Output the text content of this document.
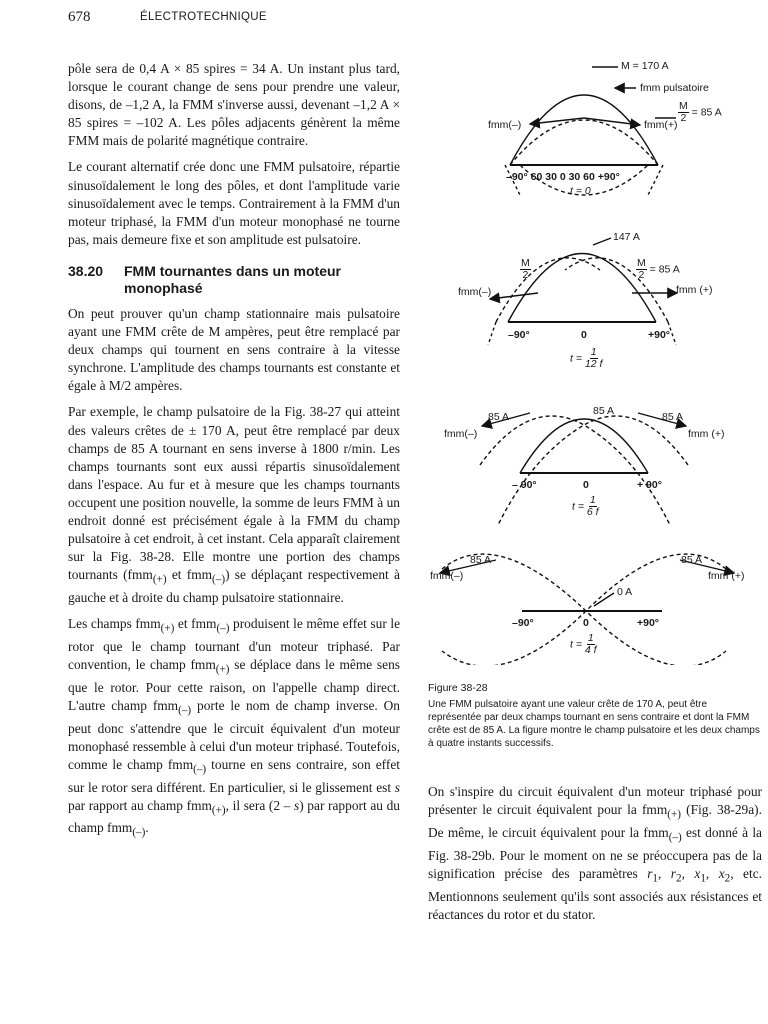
678	ÉLECTROTECHNIQUE

pôle sera de 0,4 A × 85 spires = 34 A. Un instant plus tard, lorsque le courant change de sens pour prendre une valeur, disons, de –1,2 A, la FMM s'inverse aussi, devenant –1,2 A × 85 spires = –102 A. Les pôles adjacents génèrent la même FMM mais de polarité magnétique contraire.

Le courant alternatif crée donc une FMM pulsatoire, répartie sinusoïdalement le long des pôles, et dont l'amplitude varie sinusoïdalement avec le temps. Contrairement à la FMM d'un moteur triphasé, la FMM d'un moteur monophasé ne tourne pas, mais demeure fixe et son amplitude est pulsatoire.

38.20	FMM tournantes dans un moteur monophasé

On peut prouver qu'un champ stationnaire mais pulsatoire ayant une FMM crête de M ampères, peut être remplacé par deux champs qui tournent en sens contraire à la vitesse synchrone. L'amplitude des champs tournants est constante et égale à M/2 ampères.

Par exemple, le champ pulsatoire de la Fig. 38-27 qui atteint des valeurs crêtes de ± 170 A, peut être remplacé par deux champs de 85 A tournant en sens inverse à 1800 r/min. Les champs tournants sont eux aussi répartis sinusoïdalement dans l'espace. Au fur et à mesure que les champs tournants occupent une position nouvelle, la somme de leurs FMM à un endroit donné est précisément égale à la FMM du champ pulsatoire à cet endroit, à cet instant. Cela apparaît clairement sur la Fig. 38-28. Elle montre une portion des champs tournants (fmm$_{(+)}$ et fmm$_{(-)}$) se déplaçant respectivement à gauche et à droite du champ pulsatoire stationnaire.

Les champs fmm$_{(+)}$ et fmm$_{(-)}$ produisent le même effet sur le rotor que le champ tournant d'un moteur triphasé. Par convention, le champ fmm$_{(+)}$ se déplace dans le même sens que le rotor. Pour cette raison, on l'appelle champ direct. L'autre champ fmm$_{(-)}$ porte le nom de champ inverse. On peut donc s'attendre que le circuit équivalent d'un moteur monophasé ressemble à celui d'un moteur triphasé. Toutefois, comme le champ fmm$_{(-)}$ tourne en sens contraire, son effet sur le rotor sera différent. En particulier, si le glissement est s par rapport au champ fmm$_{(+)}$, il sera (2 – s) par rapport au du champ fmm$_{(-)}$.

M = 170 A
fmm pulsatoire
fmm(–)	fmm(+)
$\frac{M}{2} = 85$ A
–90° 60 30 0 30 60 +90°
t = 0
147 A
$\frac{M}{2}$	$\frac{M}{2} = 85$ A
fmm(–)	fmm (+)
–90°	0	+90°
$t = \frac{1}{12 f}$
85 A	85 A	85 A
fmm(–)	fmm (+)
– 90°	0	+ 90°
$t = \frac{1}{6 f}$
85 A	85 A
fmm(–)	fmm (+)
0 A
–90°	0	+90°
$t = \frac{1}{4 f}$
Figure 38-28
Une FMM pulsatoire ayant une valeur crête de 170 A, peut être représentée par deux champs tournant en sens contraire et dont la FMM crête est de 85 A. La figure montre le champ pulsatoire et les deux champs à quatre instants successifs.

On s'inspire du circuit équivalent d'un moteur triphasé pour présenter le circuit équivalent pour la fmm$_{(+)}$ (Fig. 38-29a). De même, le circuit équivalent pour la fmm$_{(-)}$ est donné à la Fig. 38-29b. Pour le moment on ne se préoccupera pas de la signification précise des paramètres $r_1$, $r_2$, $x_1$, $x_2$, etc. Mentionnons seulement qu'ils sont associés aux résistances et réactances du rotor et du stator.
